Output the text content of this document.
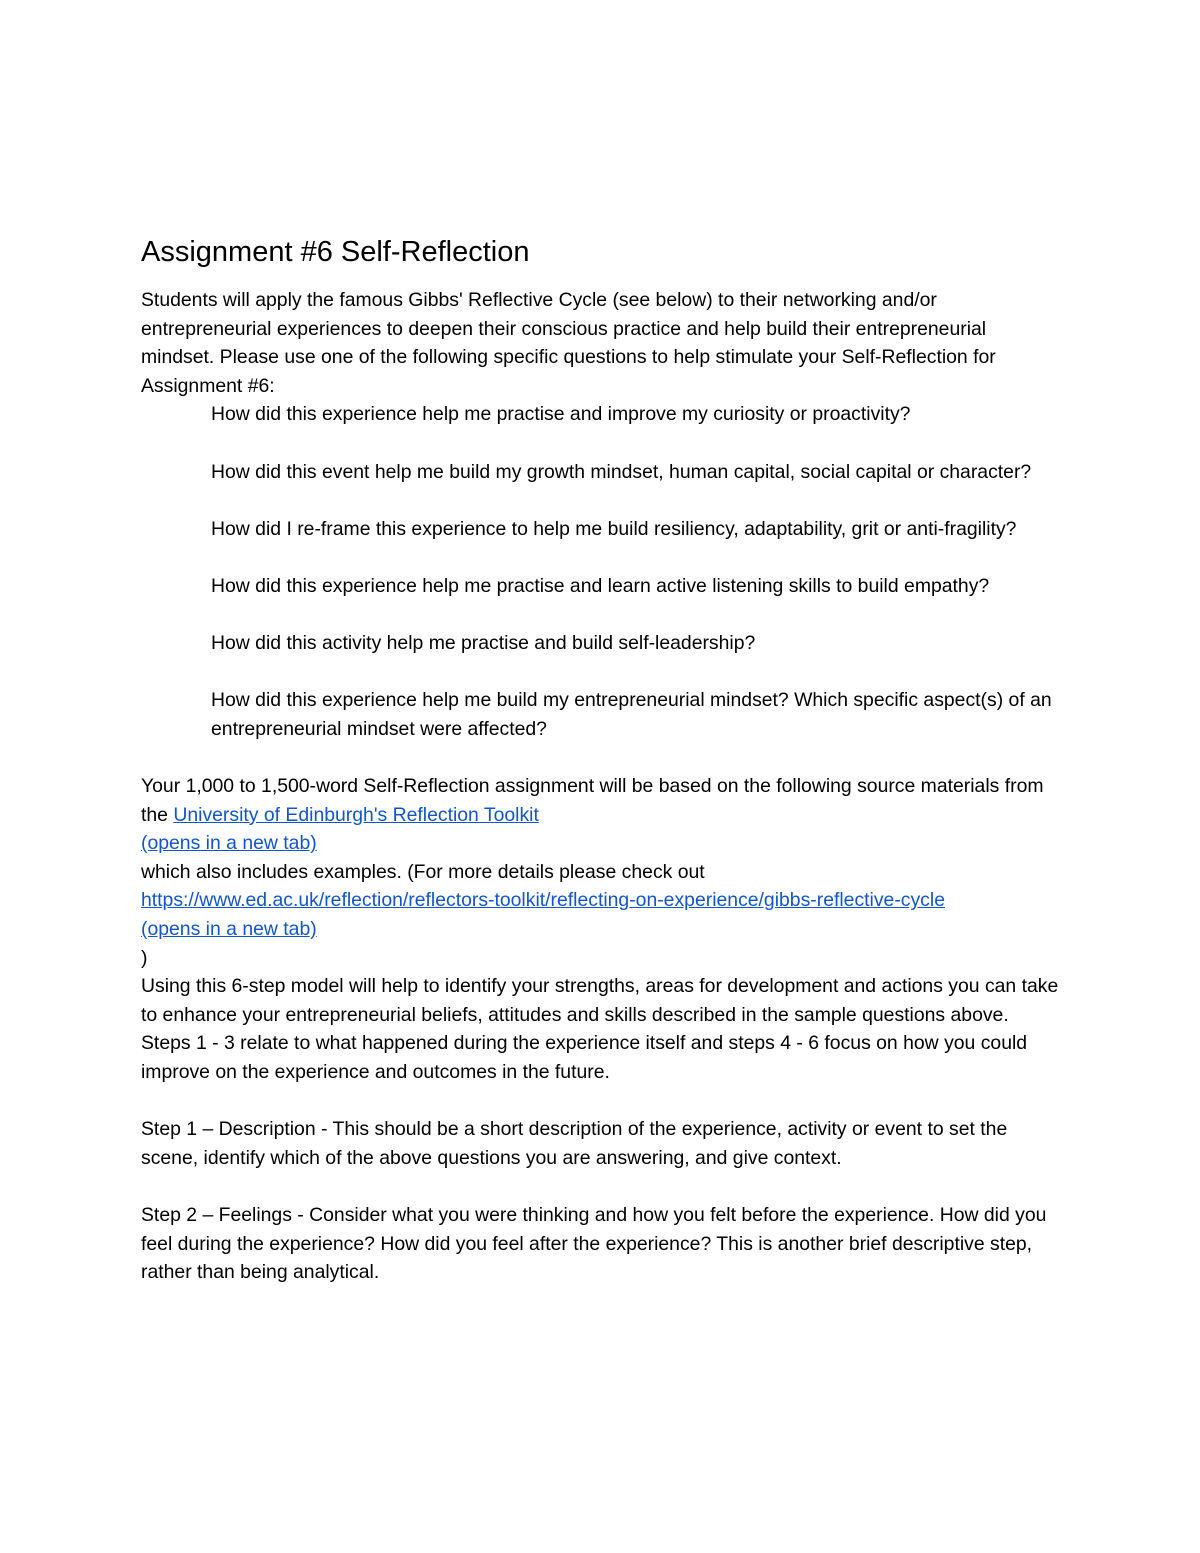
Assignment #6 Self-Reflection

Students will apply the famous Gibbs' Reflective Cycle (see below) to their networking and/or entrepreneurial experiences to deepen their conscious practice and help build their entrepreneurial mindset. Please use one of the following specific questions to help stimulate your Self-Reflection for Assignment #6:

How did this experience help me practise and improve my curiosity or proactivity?
How did this event help me build my growth mindset, human capital, social capital or character?
How did I re-frame this experience to help me build resiliency, adaptability, grit or anti-fragility?
How did this experience help me practise and learn active listening skills to build empathy?
How did this activity help me practise and build self-leadership?
How did this experience help me build my entrepreneurial mindset? Which specific aspect(s) of an entrepreneurial mindset were affected?
Your 1,000 to 1,500-word Self-Reflection assignment will be based on the following source materials from the University of Edinburgh's Reflection Toolkit
(opens in a new tab)
which also includes examples. (For more details please check out
https://www.ed.ac.uk/reflection/reflectors-toolkit/reflecting-on-experience/gibbs-reflective-cycle
(opens in a new tab)
)

Using this 6-step model will help to identify your strengths, areas for development and actions you can take to enhance your entrepreneurial beliefs, attitudes and skills described in the sample questions above. Steps 1 - 3 relate to what happened during the experience itself and steps 4 - 6 focus on how you could improve on the experience and outcomes in the future.

Step 1 – Description - This should be a short description of the experience, activity or event to set the scene, identify which of the above questions you are answering, and give context.

Step 2 – Feelings - Consider what you were thinking and how you felt before the experience. How did you feel during the experience? How did you feel after the experience? This is another brief descriptive step, rather than being analytical.
